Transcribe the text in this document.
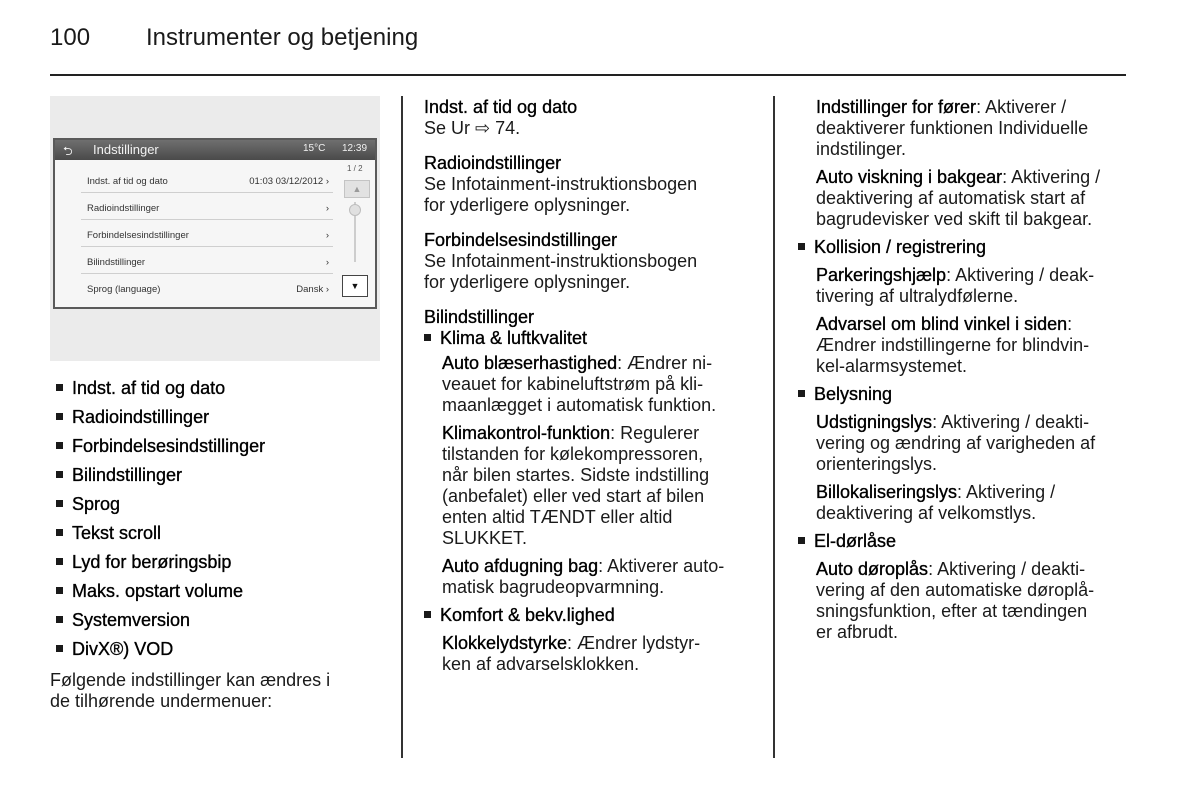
100 Instrumenter og betjening
⮌ Indstillinger	15°C 12:39
Indst. af tid og dato	01:03 03/12/2012 ›
Radioindstillinger	›
Forbindelsesindstillinger	›
Bilindstillinger	›
Sprog (language)	Dansk ›
1 / 2
▲
▼
Indst. af tid og dato
Radioindstillinger
Forbindelsesindstillinger
Bilindstillinger
Sprog
Tekst scroll
Lyd for berøringsbip
Maks. opstart volume
Systemversion
DivX®) VOD

Følgende indstillinger kan ændres i

de tilhørende undermenuer:

Indst. af tid og dato

Se Ur ⇨ 74.

Radioindstillinger

Se Infotainment-instruktionsbogen

for yderligere oplysninger.

Forbindelsesindstillinger

Se Infotainment-instruktionsbogen

for yderligere oplysninger.

Bilindstillinger

Klima & luftkvalitet

Auto blæserhastighed: Ændrer ni-

veauet for kabineluftstrøm på kli-

maanlægget i automatisk funktion.

Klimakontrol-funktion: Regulerer

tilstanden for kølekompressoren,

når bilen startes. Sidste indstilling

(anbefalet) eller ved start af bilen

enten altid TÆNDT eller altid

SLUKKET.

Auto afdugning bag: Aktiverer auto-

matisk bagrudeopvarmning.

Komfort & bekv.lighed

Klokkelydstyrke: Ændrer lydstyr-

ken af advarselsklokken.

Indstillinger for fører: Aktiverer /

deaktiverer funktionen Individuelle

indstilinger.

Auto viskning i bakgear: Aktivering /

deaktivering af automatisk start af

bagrudevisker ved skift til bakgear.

Kollision / registrering

Parkeringshjælp: Aktivering / deak-

tivering af ultralydfølerne.

Advarsel om blind vinkel i siden:

Ændrer indstillingerne for blindvin-

kel-alarmsystemet.

Belysning

Udstigningslys: Aktivering / deakti-

vering og ændring af varigheden af

orienteringslys.

Billokaliseringslys: Aktivering /

deaktivering af velkomstlys.

El-dørlåse

Auto døroplås: Aktivering / deakti-

vering af den automatiske døroplå-

sningsfunktion, efter at tændingen

er afbrudt.
